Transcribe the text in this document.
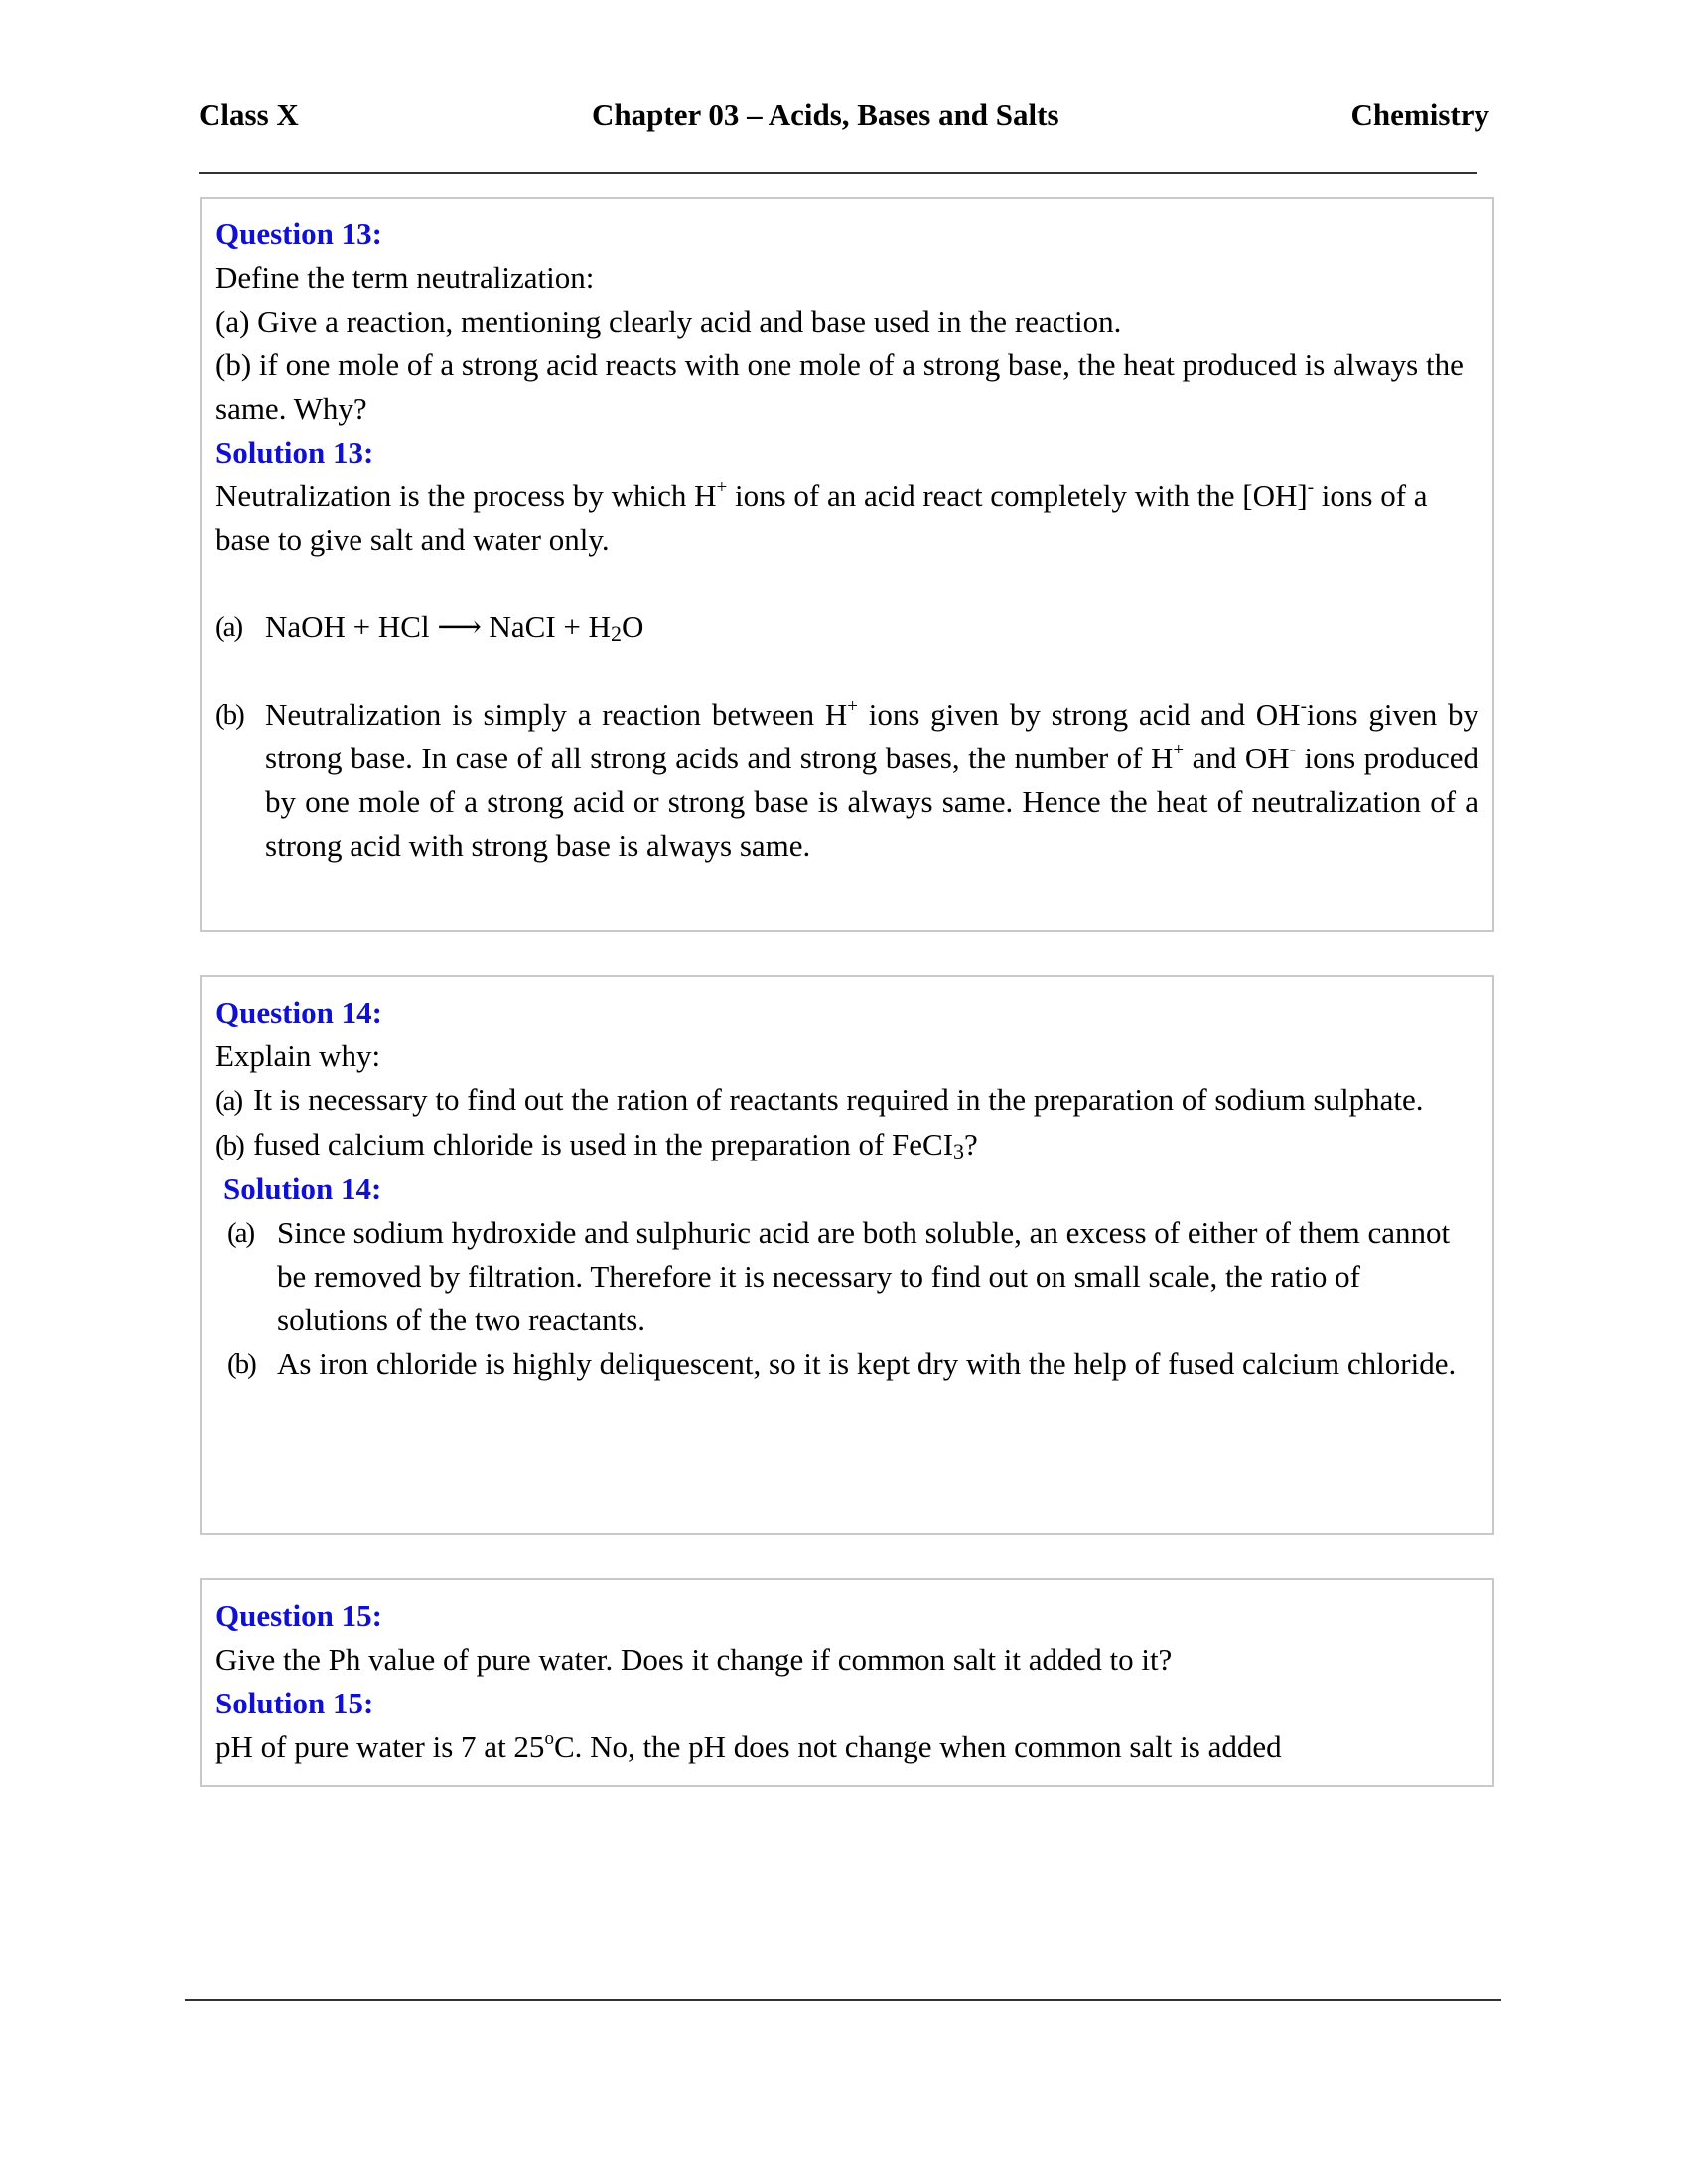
Class X	Chapter 03 – Acids, Bases and Salts	Chemistry

Question 13:

Define the term neutralization:

(a) Give a reaction, mentioning clearly acid and base used in the reaction.

(b) if one mole of a strong acid reacts with one mole of a strong base, the heat produced is always the same. Why?

Solution 13:

Neutralization is the process by which H+ ions of an acid react completely with the [OH]- ions of a base to give salt and water only.

(a) NaOH + HCl ⟶ NaCI + $H_2O$

(b) Neutralization is simply a reaction between H+ ions given by strong acid and OH-ions given by strong base. In case of all strong acids and strong bases, the number of H+ and OH- ions produced by one mole of a strong acid or strong base is always same. Hence the heat of neutralization of a strong acid with strong base is always same.

Question 14:

Explain why:

(a) It is necessary to find out the ration of reactants required in the preparation of sodium sulphate.

(b) fused calcium chloride is used in the preparation of FeCI$_3$?

Solution 14:

(a) Since sodium hydroxide and sulphuric acid are both soluble, an excess of either of them cannot be removed by filtration. Therefore it is necessary to find out on small scale, the ratio of solutions of the two reactants.

(b) As iron chloride is highly deliquescent, so it is kept dry with the help of fused calcium chloride.

Question 15:

Give the Ph value of pure water. Does it change if common salt it added to it?

Solution 15:

pH of pure water is 7 at 25$^o$C. No, the pH does not change when common salt is added
